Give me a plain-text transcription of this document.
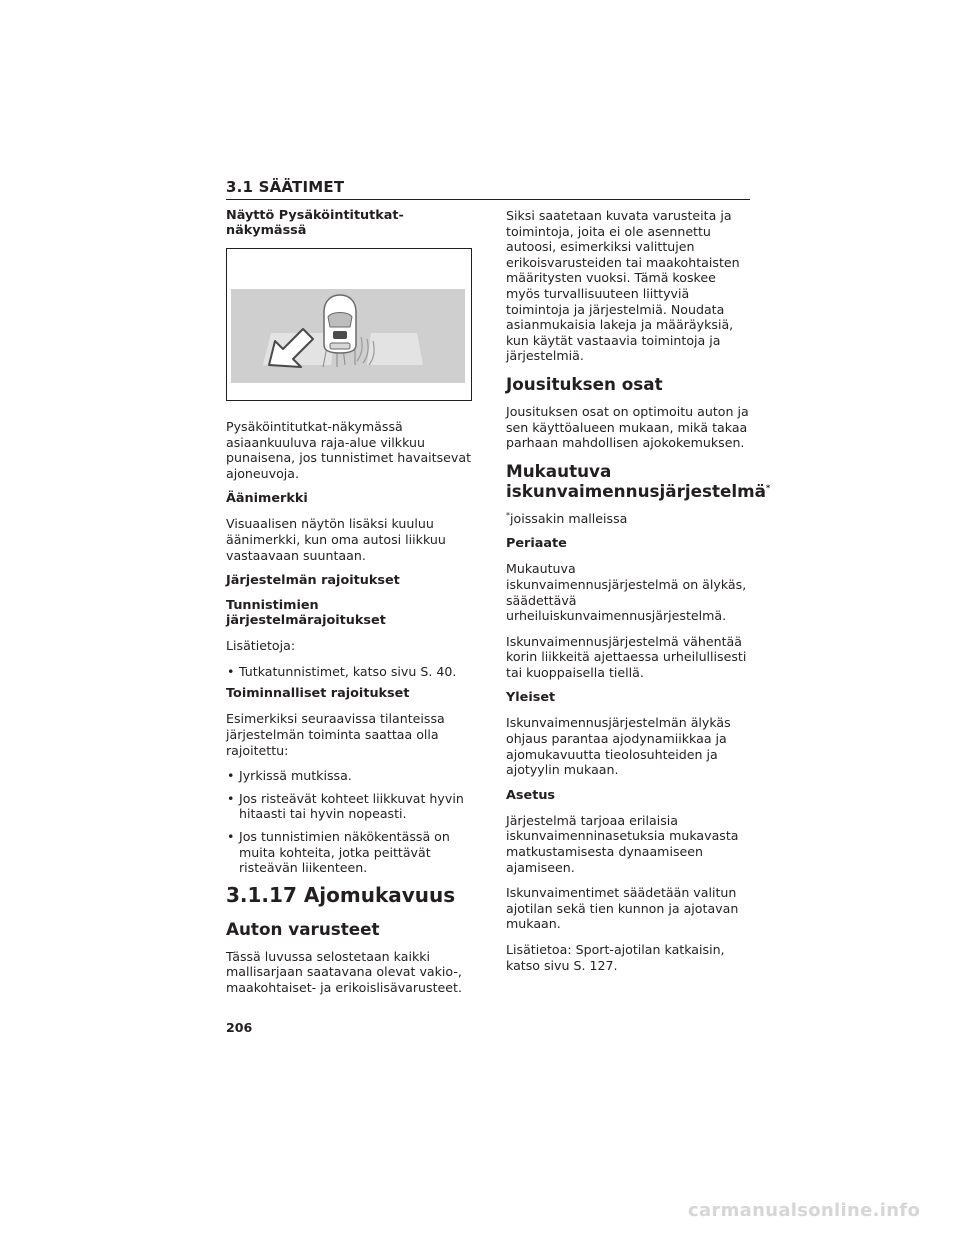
3.1 SÄÄTIMET
Näyttö Pysäköintitutkat-näkymässä

Pysäköintitutkat-näkymässä asiaankuuluva raja-alue vilkkuu punaisena, jos tunnistimet havaitsevat ajoneuvoja.

Äänimerkki

Visuaalisen näytön lisäksi kuuluu äänimerkki, kun oma autosi liikkuu vastaavaan suuntaan.

Järjestelmän rajoitukset
Tunnistimien järjestelmärajoitukset

Lisätietoja:

• Tutkatunnistimet, katso sivu S. 40.
Toiminnalliset rajoitukset

Esimerkiksi seuraavissa tilanteissa järjestelmän toiminta saattaa olla rajoitettu:

• Jyrkissä mutkissa.
• Jos risteävät kohteet liikkuvat hyvin hitaasti tai hyvin nopeasti.
• Jos tunnistimien näkökentässä on muita kohteita, jotka peittävät risteävän liikenteen.
3.1.17 Ajomukavuus
Auton varusteet

Tässä luvussa selostetaan kaikki mallisarjaan saatavana olevat vakio-, maakohtaiset- ja erikoislisävarusteet.

Siksi saatetaan kuvata varusteita ja toimintoja, joita ei ole asennettu autoosi, esimerkiksi valittujen erikoisvarusteiden tai maakohtaisten määritysten vuoksi. Tämä koskee myös turvallisuuteen liittyviä toimintoja ja järjestelmiä. Noudata asianmukaisia lakeja ja määräyksiä, kun käytät vastaavia toimintoja ja järjestelmiä.

Jousituksen osat

Jousituksen osat on optimoitu auton ja sen käyttöalueen mukaan, mikä takaa parhaan mahdollisen ajokokemuksen.

Mukautuva
iskunvaimennusjärjestelmä*

*joissakin malleissa

Periaate

Mukautuva iskunvaimennusjärjestelmä on älykäs, säädettävä urheiluiskunvaimennusjärjestelmä.

Iskunvaimennusjärjestelmä vähentää korin liikkeitä ajettaessa urheilullisesti tai kuoppaisella tiellä.

Yleiset

Iskunvaimennusjärjestelmän älykäs ohjaus parantaa ajodynamiikkaa ja ajomukavuutta tieolosuhteiden ja ajotyylin mukaan.

Asetus

Järjestelmä tarjoaa erilaisia iskunvaimenninasetuksia mukavasta matkustamisesta dynaamiseen ajamiseen.

Iskunvaimentimet säädetään valitun ajotilan sekä tien kunnon ja ajotavan mukaan.

Lisätietoa: Sport-ajotilan katkaisin, katso sivu S. 127.

206
carmanualsonline.info
